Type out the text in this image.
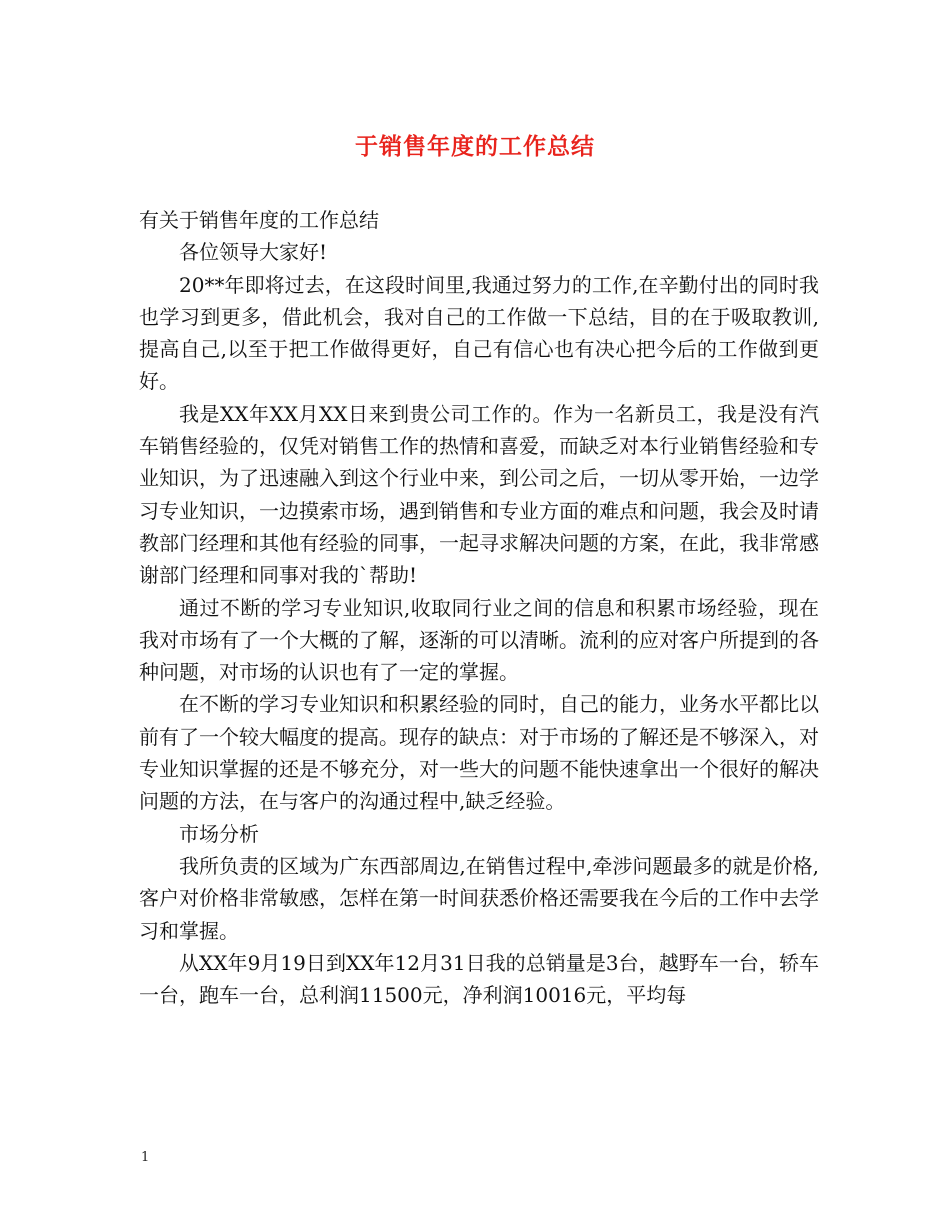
于销售年度的工作总结

有关于销售年度的工作总结

各位领导大家好!

20**年即将过去，在这段时间里,我通过努力的工作,在辛勤付出的同时我也学习到更多，借此机会，我对自己的工作做一下总结，目的在于吸取教训,提高自己,以至于把工作做得更好，自己有信心也有决心把今后的工作做到更好。

我是XX年XX月XX日来到贵公司工作的。作为一名新员工，我是没有汽车销售经验的，仅凭对销售工作的热情和喜爱，而缺乏对本行业销售经验和专业知识，为了迅速融入到这个行业中来，到公司之后，一切从零开始，一边学习专业知识，一边摸索市场，遇到销售和专业方面的难点和问题，我会及时请教部门经理和其他有经验的同事，一起寻求解决问题的方案，在此，我非常感谢部门经理和同事对我的`帮助!

通过不断的学习专业知识,收取同行业之间的信息和积累市场经验，现在我对市场有了一个大概的了解，逐渐的可以清晰。流利的应对客户所提到的各种问题，对市场的认识也有了一定的掌握。

在不断的学习专业知识和积累经验的同时，自己的能力，业务水平都比以前有了一个较大幅度的提高。现存的缺点：对于市场的了解还是不够深入，对专业知识掌握的还是不够充分，对一些大的问题不能快速拿出一个很好的解决问题的方法，在与客户的沟通过程中,缺乏经验。

市场分析

我所负责的区域为广东西部周边,在销售过程中,牵涉问题最多的就是价格,客户对价格非常敏感，怎样在第一时间获悉价格还需要我在今后的工作中去学习和掌握。

从XX年9月19日到XX年12月31日我的总销量是3台，越野车一台，轿车一台，跑车一台，总利润11500元，净利润10016元，平均每

1
